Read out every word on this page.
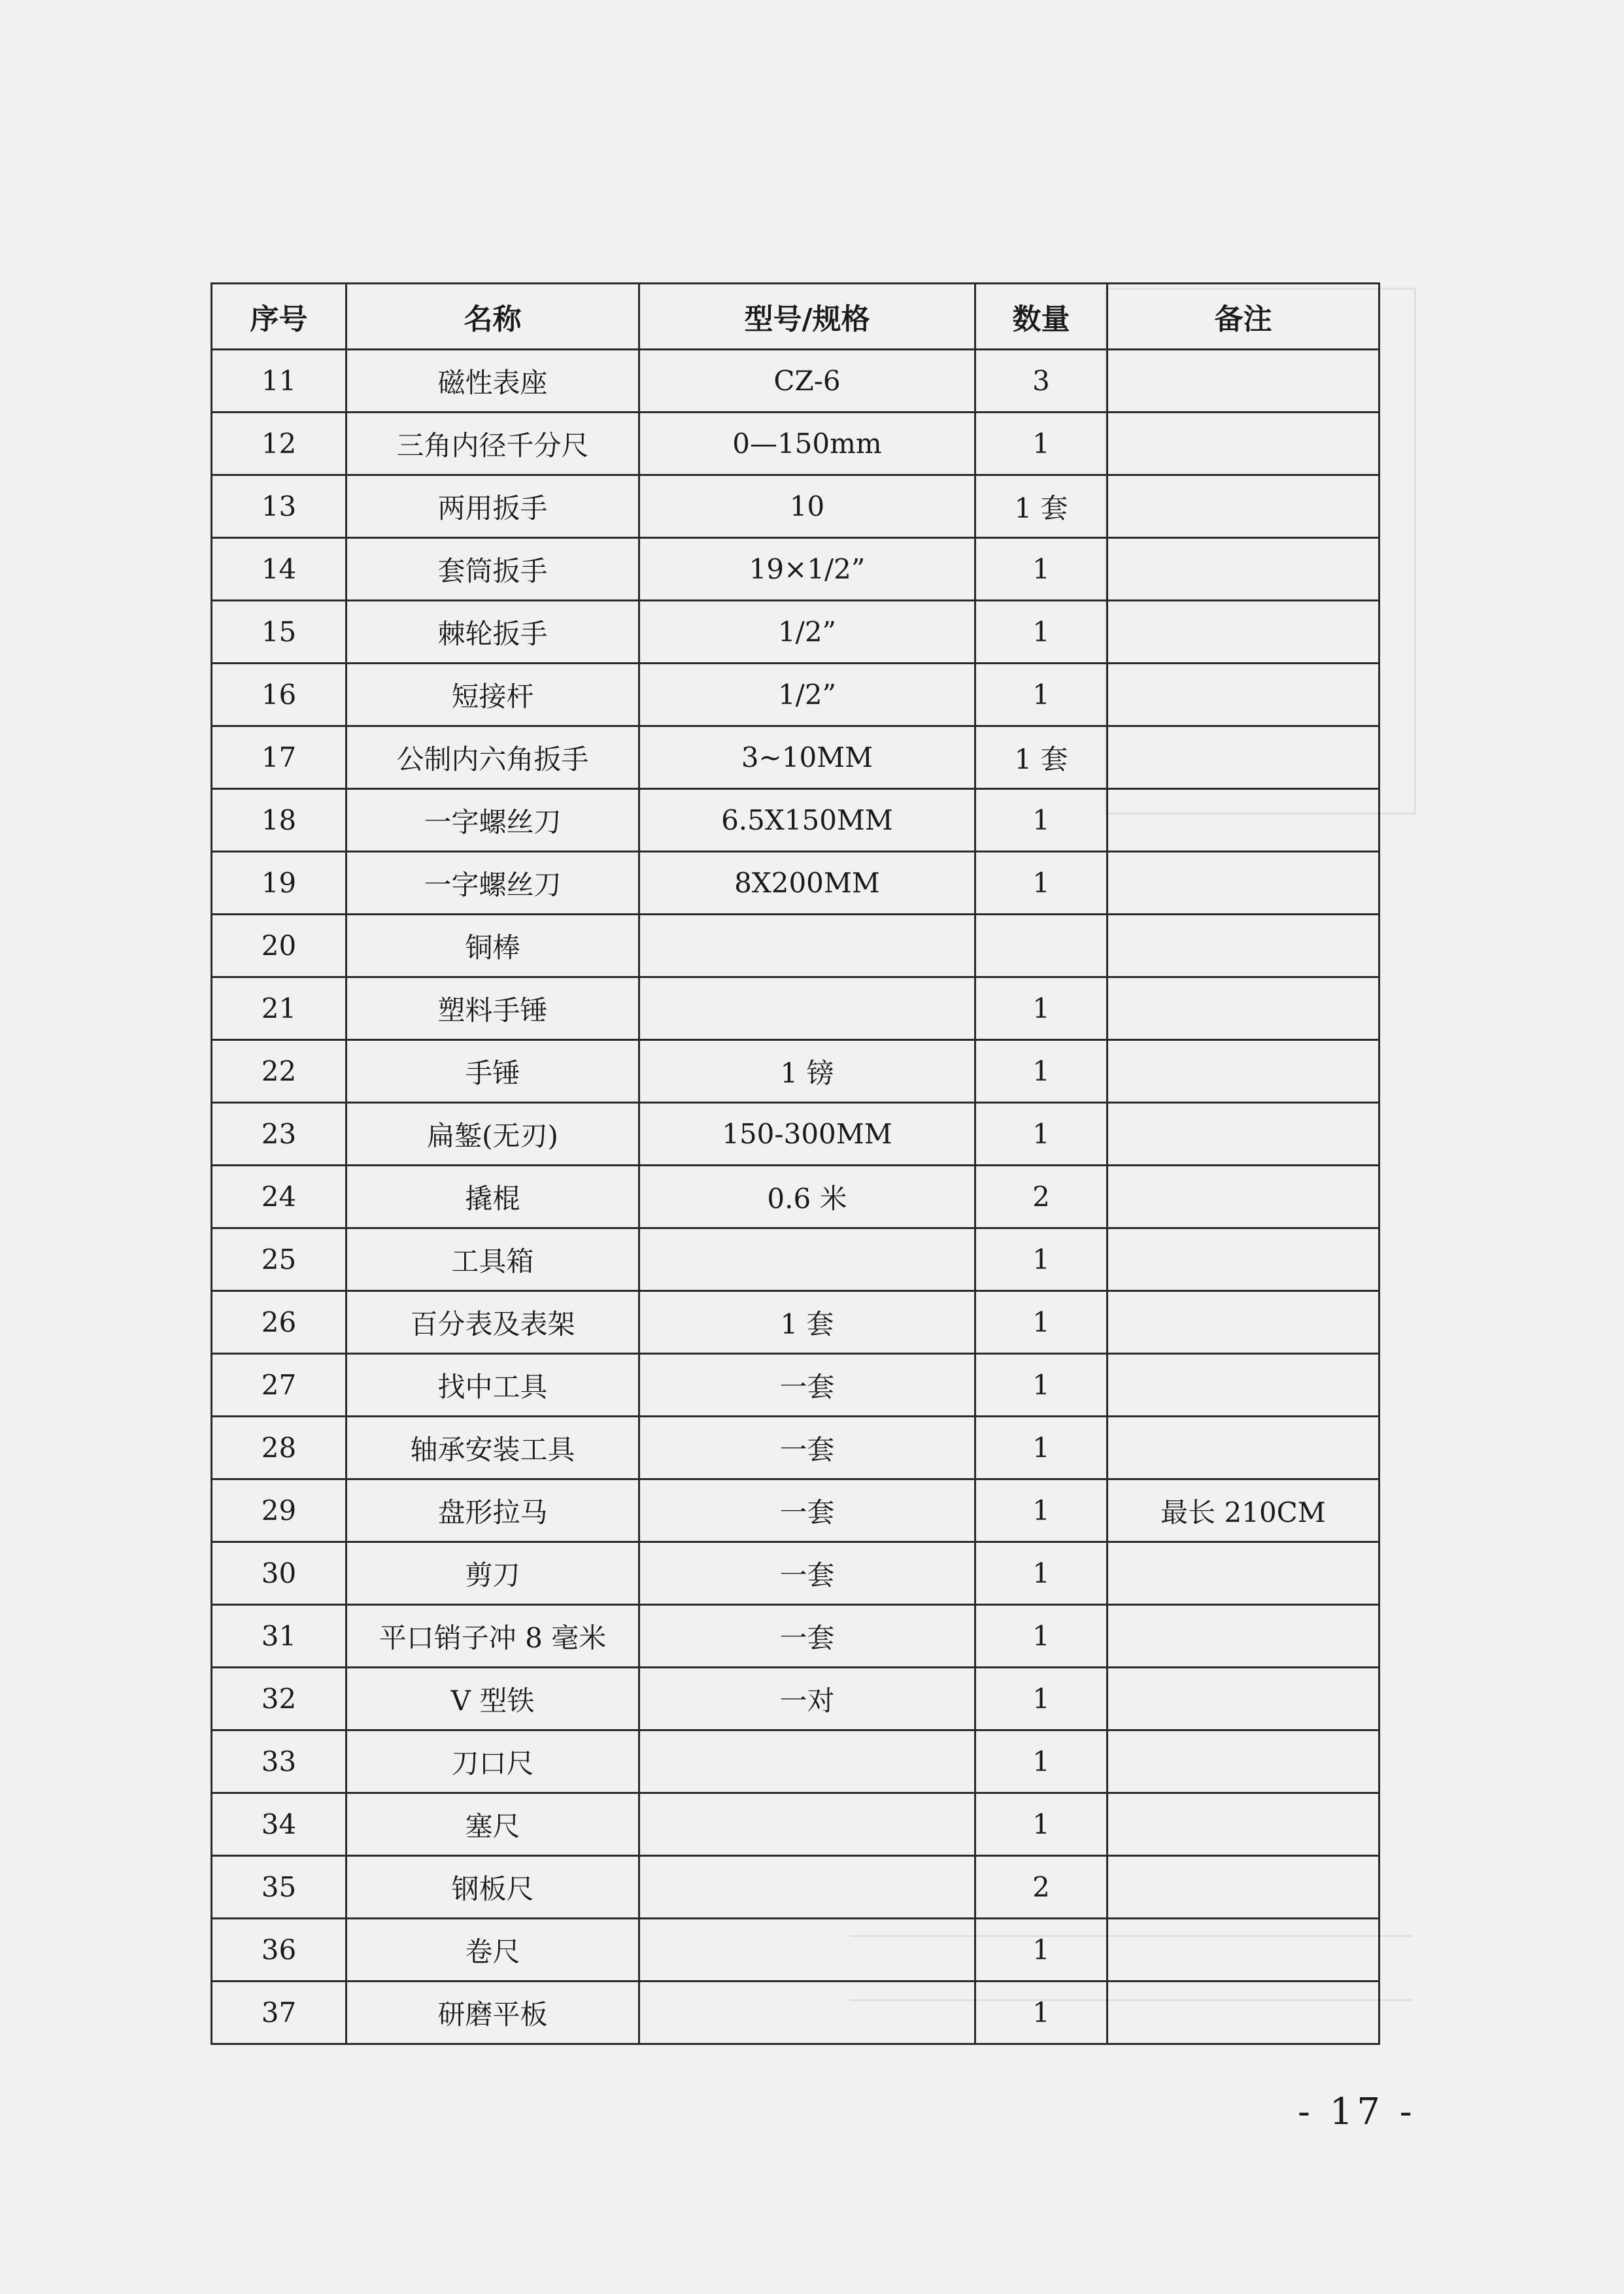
序号	名称	型号/规格	数量	备注
11	磁性表座	CZ-6	3	
12	三角内径千分尺	0—150mm	1	
13	两用扳手	10	1 套	
14	套筒扳手	19×1/2”	1	
15	棘轮扳手	1/2”	1	
16	短接杆	1/2”	1	
17	公制内六角扳手	3~10MM	1 套	
18	一字螺丝刀	6.5X150MM	1	
19	一字螺丝刀	8X200MM	1	
20	铜棒			
21	塑料手锤		1	
22	手锤	1 镑	1	
23	扁錾(无刃)	150-300MM	1	
24	撬棍	0.6 米	2	
25	工具箱		1	
26	百分表及表架	1 套	1	
27	找中工具	一套	1	
28	轴承安装工具	一套	1	
29	盘形拉马	一套	1	最长 210CM
30	剪刀	一套	1	
31	平口销子冲 8 毫米	一套	1	
32	V 型铁	一对	1	
33	刀口尺		1	
34	塞尺		1	
35	钢板尺		2	
36	卷尺		1	
37	研磨平板		1	
- 17 -
